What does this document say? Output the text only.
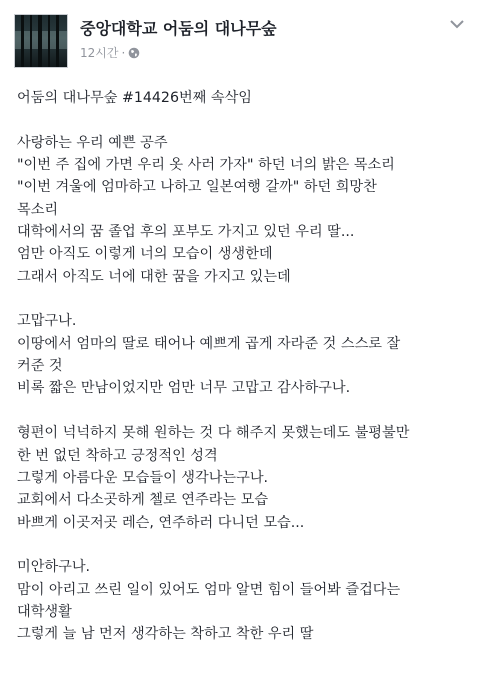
중앙대학교 어둠의 대나무숲
12시간 ·
어둠의 대나무숲 #14426번째 속삭임
사랑하는 우리 예쁜 공주
"이번 주 집에 가면 우리 옷 사러 가자" 하던 너의 밝은 목소리
"이번 겨울에 엄마하고 나하고 일본여행 갈까" 하던 희망찬
목소리
대학에서의 꿈 졸업 후의 포부도 가지고 있던 우리 딸...
엄만 아직도 이렇게 너의 모습이 생생한데
그래서 아직도 너에 대한 꿈을 가지고 있는데
고맙구나.
이땅에서 엄마의 딸로 태어나 예쁘게 곱게 자라준 것 스스로 잘
커준 것
비록 짧은 만남이었지만 엄만 너무 고맙고 감사하구나.
형편이 넉넉하지 못해 원하는 것 다 해주지 못했는데도 불평불만
한 번 없던 착하고 긍정적인 성격
그렇게 아름다운 모습들이 생각나는구나.
교회에서 다소곳하게 첼로 연주라는 모습
바쁘게 이곳저곳 레슨, 연주하러 다니던 모습...
미안하구나.
맘이 아리고 쓰린 일이 있어도 엄마 알면 힘이 들어봐 즐겁다는
대학생활
그렇게 늘 남 먼저 생각하는 착하고 착한 우리 딸
